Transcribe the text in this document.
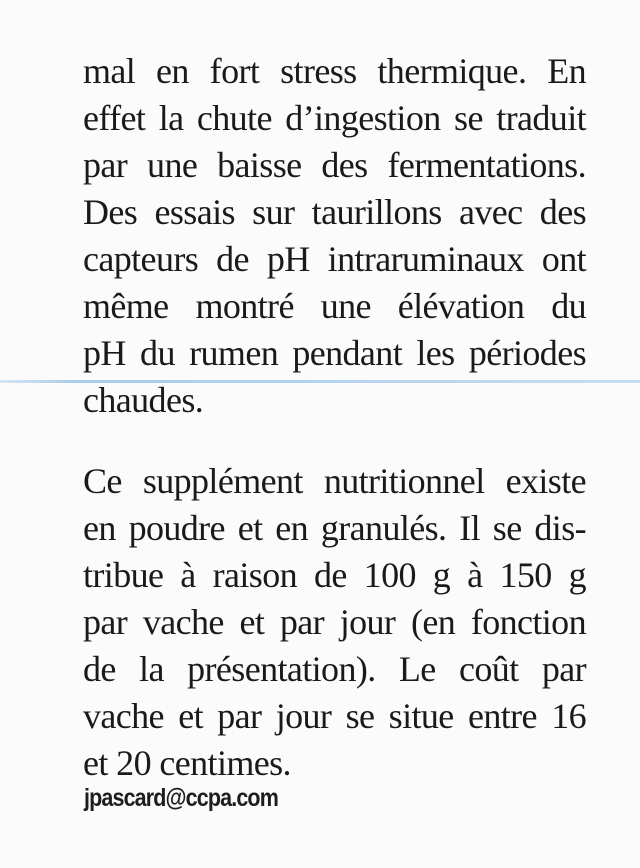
mal en fort stress thermique. En
effet la chute d’ingestion se traduit
par une baisse des fermentations.
Des essais sur taurillons avec des
capteurs de pH intraruminaux ont
même montré une élévation du
pH du rumen pendant les périodes
chaudes.
Ce supplément nutritionnel existe
en poudre et en granulés. Il se dis-
tribue à raison de 100 g à 150 g
par vache et par jour (en fonction
de la présentation). Le coût par
vache et par jour se situe entre 16
et 20 centimes.
jpascard@ccpa.com
